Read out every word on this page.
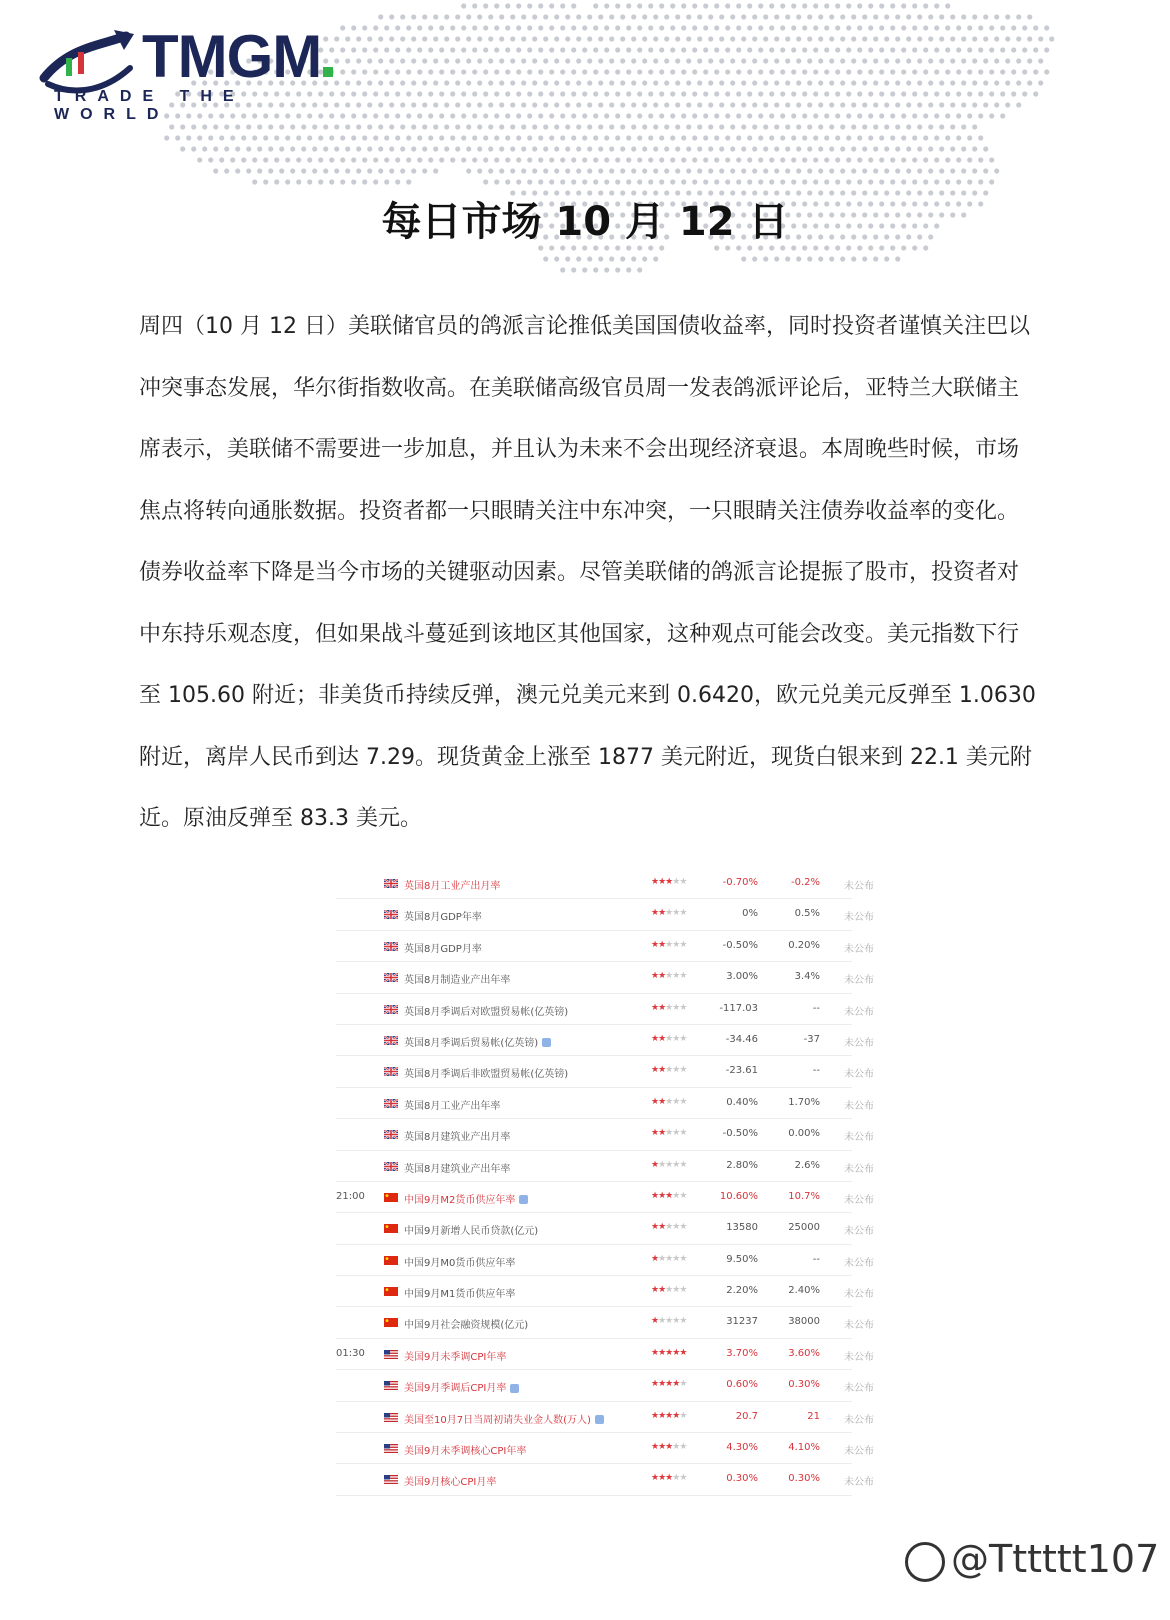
TMGM
TRADE THE WORLD
每日市场 10 月 12 日
周四（10 月 12 日）美联储官员的鸽派言论推低美国国债收益率，同时投资者谨慎关注巴以冲突事态发展，华尔街指数收高。在美联储高级官员周一发表鸽派评论后，亚特兰大联储主席表示，美联储不需要进一步加息，并且认为未来不会出现经济衰退。本周晚些时候，市场焦点将转向通胀数据。投资者都一只眼睛关注中东冲突，一只眼睛关注债券收益率的变化。债券收益率下降是当今市场的关键驱动因素。尽管美联储的鸽派言论提振了股市，投资者对中东持乐观态度，但如果战斗蔓延到该地区其他国家，这种观点可能会改变。美元指数下行至 105.60 附近；非美货币持续反弹，澳元兑美元来到 0.6420，欧元兑美元反弹至 1.0630 附近，离岸人民币到达 7.29。现货黄金上涨至 1877 美元附近，现货白银来到 22.1 美元附近。原油反弹至 83.3 美元。
英国8月工业产出月率	★★★★★	-0.70%	-0.2%	未公布
英国8月GDP年率	★★★★★	0%	0.5%	未公布
英国8月GDP月率	★★★★★	-0.50%	0.20%	未公布
英国8月制造业产出年率	★★★★★	3.00%	3.4%	未公布
英国8月季调后对欧盟贸易帐(亿英镑)	★★★★★	-117.03	--	未公布
英国8月季调后贸易帐(亿英镑)	★★★★★	-34.46	-37	未公布
英国8月季调后非欧盟贸易帐(亿英镑)	★★★★★	-23.61	--	未公布
英国8月工业产出年率	★★★★★	0.40%	1.70%	未公布
英国8月建筑业产出月率	★★★★★	-0.50%	0.00%	未公布
英国8月建筑业产出年率	★★★★★	2.80%	2.6%	未公布
21:00	中国9月M2货币供应年率	★★★★★	10.60%	10.7%	未公布
中国9月新增人民币贷款(亿元)	★★★★★	13580	25000	未公布
中国9月M0货币供应年率	★★★★★	9.50%	--	未公布
中国9月M1货币供应年率	★★★★★	2.20%	2.40%	未公布
中国9月社会融资规模(亿元)	★★★★★	31237	38000	未公布
01:30	美国9月未季调CPI年率	★★★★★	3.70%	3.60%	未公布
美国9月季调后CPI月率	★★★★★	0.60%	0.30%	未公布
美国至10月7日当周初请失业金人数(万人)	★★★★★	20.7	21	未公布
美国9月未季调核心CPI年率	★★★★★	4.30%	4.10%	未公布
美国9月核心CPI月率	★★★★★	0.30%	0.30%	未公布
@Tttttt107
